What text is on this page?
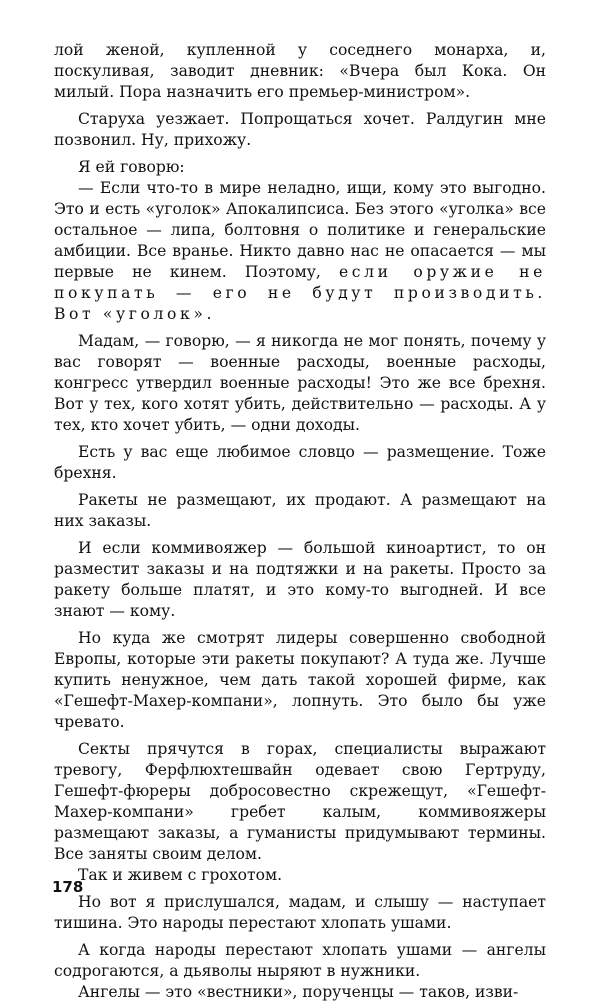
лой женой, купленной у соседнего монарха, и, поскуливая, заводит дневник: «Вчера был Кока. Он милый. Пора назначить его премьер-министром».

Старуха уезжает. Попрощаться хочет. Ралдугин мне позвонил. Ну, прихожу.

Я ей говорю:

— Если что-то в мире неладно, ищи, кому это выгодно. Это и есть «уголок» Апокалипсиса. Без этого «уголка» все остальное — липа, болтовня о политике и генеральские амбиции. Все вранье. Никто давно нас не опасается — мы первые не кинем. Поэтому, если оружие не покупать — его не будут производить. Вот «уголок».

Мадам, — говорю, — я никогда не мог понять, почему у вас говорят — военные расходы, военные расходы, конгресс утвердил военные расходы! Это же все брехня. Вот у тех, кого хотят убить, действительно — расходы. А у тех, кто хочет убить, — одни доходы.

Есть у вас еще любимое словцо — размещение. Тоже брехня.

Ракеты не размещают, их продают. А размещают на них заказы.

И если коммивояжер — большой киноартист, то он разместит заказы и на подтяжки и на ракеты. Просто за ракету больше платят, и это кому-то выгодней. И все знают — кому.

Но куда же смотрят лидеры совершенно свободной Европы, которые эти ракеты покупают? А туда же. Лучше купить ненужное, чем дать такой хорошей фирме, как «Гешефт-Махер-компани», лопнуть. Это было бы уже чревато.

Секты прячутся в горах, специалисты выражают тревогу, Ферфлюхтешвайн одевает свою Гертруду, Гешефт-фюреры добросовестно скрежещут, «Гешефт-Махер-компани» гребет калым, коммивояжеры размещают заказы, а гуманисты придумывают термины. Все заняты своим делом.

Так и живем с грохотом.

Но вот я прислушался, мадам, и слышу — наступает тишина. Это народы перестают хлопать ушами.

А когда народы перестают хлопать ушами — ангелы содрогаются, а дьяволы ныряют в нужники.

Ангелы — это «вестники», порученцы — таков, изви-

178
